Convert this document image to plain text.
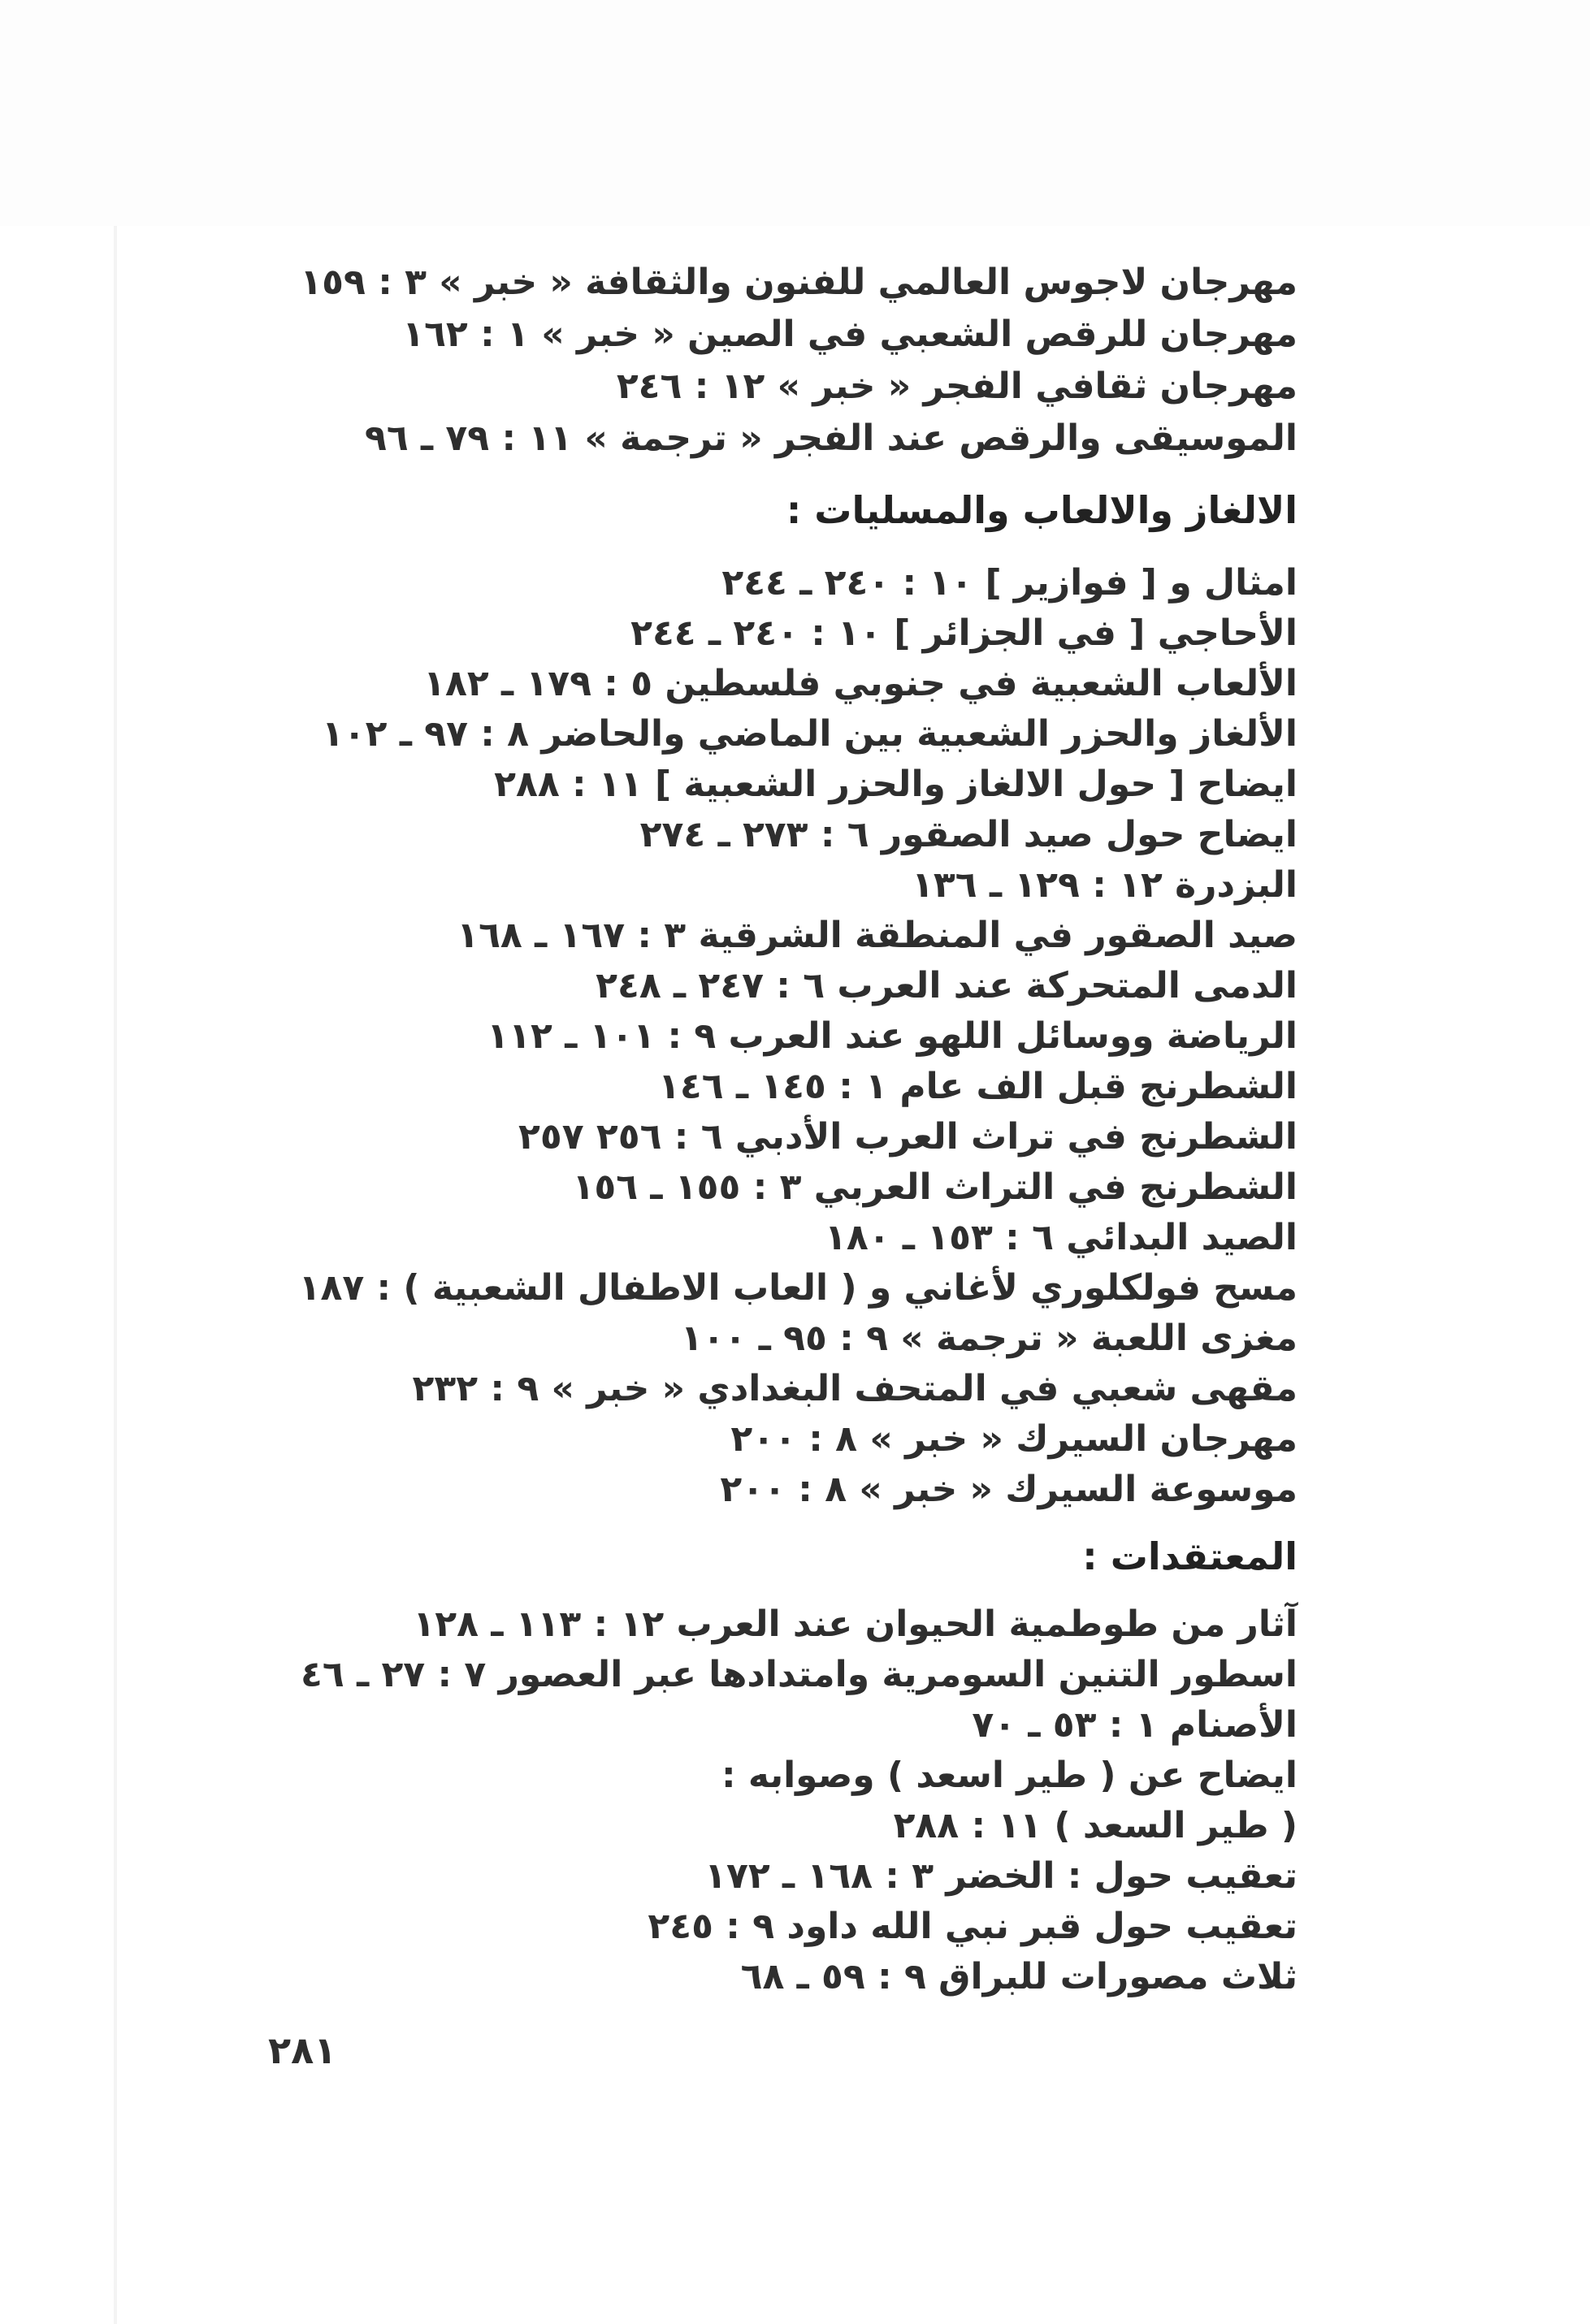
مهرجان لاجوس العالمي للفنون والثقافة « خبر » ٣ : ١٥٩
مهرجان للرقص الشعبي في الصين « خبر » ١ : ١٦٢
مهرجان ثقافي الفجر « خبر » ١٢ : ٢٤٦
الموسيقى والرقص عند الفجر « ترجمة » ١١ : ٧٩ ـ ٩٦
الالغاز والالعاب والمسليات :
امثال و [ فوازير ] ١٠ : ٢٤٠ ـ ٢٤٤
الأحاجي [ في الجزائر ] ١٠ : ٢٤٠ ـ ٢٤٤
الألعاب الشعبية في جنوبي فلسطين ٥ : ١٧٩ ـ ١٨٢
الألغاز والحزر الشعبية بين الماضي والحاضر ٨ : ٩٧ ـ ١٠٢
ايضاح [ حول الالغاز والحزر الشعبية ] ١١ : ٢٨٨
ايضاح حول صيد الصقور ٦ : ٢٧٣ ـ ٢٧٤
البزدرة ١٢ : ١٢٩ ـ ١٣٦
صيد الصقور في المنطقة الشرقية ٣ : ١٦٧ ـ ١٦٨
الدمى المتحركة عند العرب ٦ : ٢٤٧ ـ ٢٤٨
الرياضة ووسائل اللهو عند العرب ٩ : ١٠١ ـ ١١٢
الشطرنج قبل الف عام ١ : ١٤٥ ـ ١٤٦
الشطرنج في تراث العرب الأدبي ٦ : ٢٥٦ ٢٥٧
الشطرنج في التراث العربي ٣ : ١٥٥ ـ ١٥٦
الصيد البدائي ٦ : ١٥٣ ـ ١٨٠
مسح فولكلوري لأغاني و ( العاب الاطفال الشعبية ) : ١٨٧
مغزى اللعبة « ترجمة » ٩ : ٩٥ ـ ١٠٠
مقهى شعبي في المتحف البغدادي « خبر » ٩ : ٢٣٢
مهرجان السيرك « خبر » ٨ : ٢٠٠
موسوعة السيرك « خبر » ٨ : ٢٠٠
المعتقدات :
آثار من طوطمية الحيوان عند العرب ١٢ : ١١٣ ـ ١٢٨
اسطور التنين السومرية وامتدادها عبر العصور ٧ : ٢٧ ـ ٤٦
الأصنام ١ : ٥٣ ـ ٧٠
ايضاح عن ( طير اسعد ) وصوابه :
( طير السعد ) ١١ : ٢٨٨
تعقيب حول : الخضر ٣ : ١٦٨ ـ ١٧٢
تعقيب حول قبر نبي الله داود ٩ : ٢٤٥
ثلاث مصورات للبراق ٩ : ٥٩ ـ ٦٨
٢٨١
